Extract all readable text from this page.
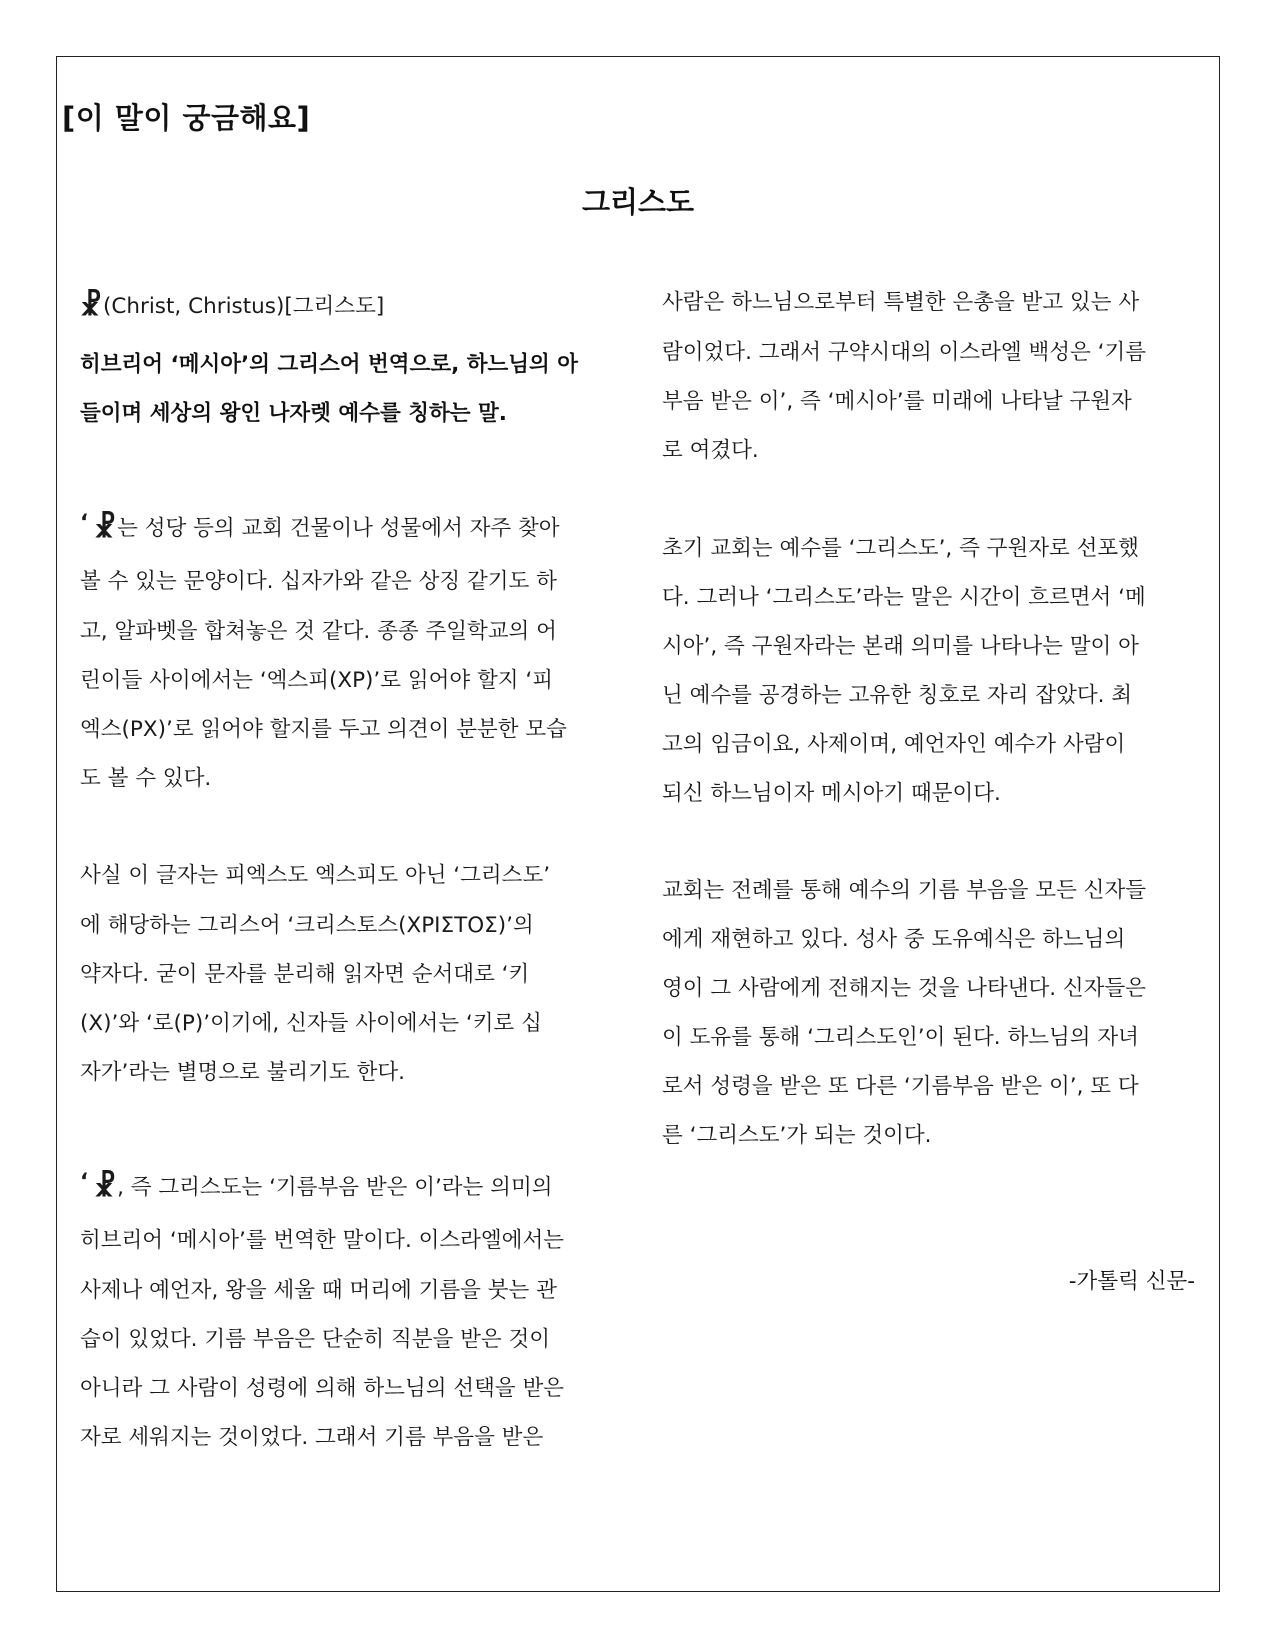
[이 말이 궁금해요]
그리스도
☧(Christ, Christus)[그리스도]
히브리어 ‘메시아’의 그리스어 번역으로, 하느님의 아
들이며 세상의 왕인 나자렛 예수를 칭하는 말.
‘ ☧는 성당 등의 교회 건물이나 성물에서 자주 찾아
볼 수 있는 문양이다. 십자가와 같은 상징 같기도 하
고, 알파벳을 합쳐놓은 것 같다. 종종 주일학교의 어
린이들 사이에서는 ‘엑스피(XP)’로 읽어야 할지 ‘피
엑스(PX)’로 읽어야 할지를 두고 의견이 분분한 모습
도 볼 수 있다.
사실 이 글자는 피엑스도 엑스피도 아닌 ‘그리스도’
에 해당하는 그리스어 ‘크리스토스(ΧΡΙΣΤΟΣ)’의
약자다. 굳이 문자를 분리해 읽자면 순서대로 ‘키
(Χ)’와 ‘로(Ρ)’이기에, 신자들 사이에서는 ‘키로 십
자가’라는 별명으로 불리기도 한다.
‘ ☧, 즉 그리스도는 ‘기름부음 받은 이’라는 의미의
히브리어 ‘메시아’를 번역한 말이다. 이스라엘에서는
사제나 예언자, 왕을 세울 때 머리에 기름을 붓는 관
습이 있었다. 기름 부음은 단순히 직분을 받은 것이
아니라 그 사람이 성령에 의해 하느님의 선택을 받은
자로 세워지는 것이었다. 그래서 기름 부음을 받은
사람은 하느님으로부터 특별한 은총을 받고 있는 사
람이었다. 그래서 구약시대의 이스라엘 백성은 ‘기름
부음 받은 이’, 즉 ‘메시아’를 미래에 나타날 구원자
로 여겼다.
초기 교회는 예수를 ‘그리스도’, 즉 구원자로 선포했
다. 그러나 ‘그리스도’라는 말은 시간이 흐르면서 ‘메
시아’, 즉 구원자라는 본래 의미를 나타나는 말이 아
닌 예수를 공경하는 고유한 칭호로 자리 잡았다. 최
고의 임금이요, 사제이며, 예언자인 예수가 사람이
되신 하느님이자 메시아기 때문이다.
교회는 전례를 통해 예수의 기름 부음을 모든 신자들
에게 재현하고 있다. 성사 중 도유예식은 하느님의
영이 그 사람에게 전해지는 것을 나타낸다. 신자들은
이 도유를 통해 ‘그리스도인’이 된다. 하느님의 자녀
로서 성령을 받은 또 다른 ‘기름부음 받은 이’, 또 다
른 ‘그리스도’가 되는 것이다.
-가톨릭 신문-
